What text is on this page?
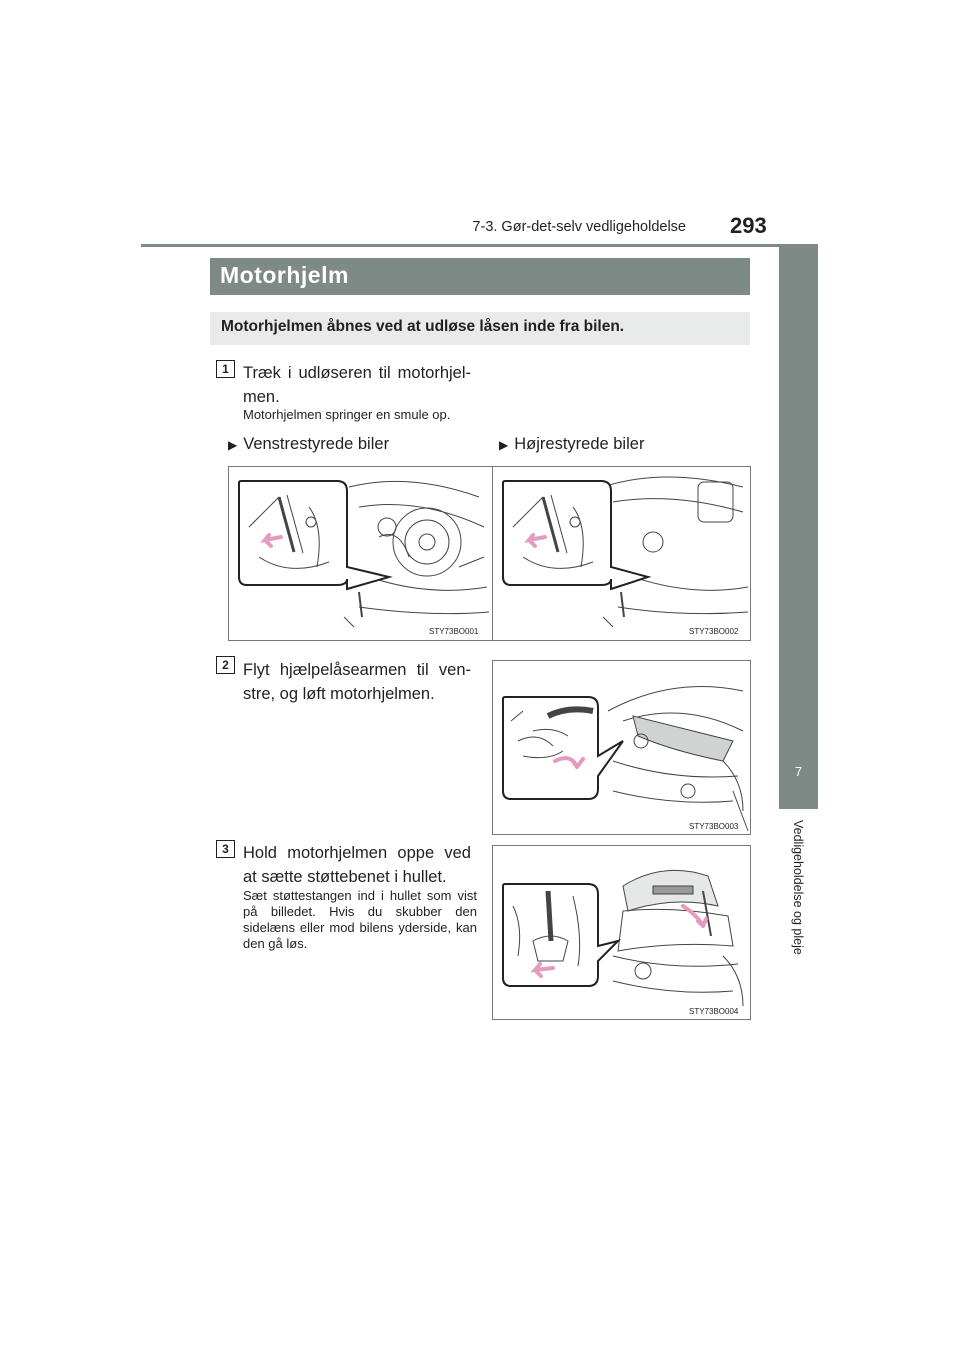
7-3. Gør-det-selv vedligeholdelse 293
7
Vedligeholdelse og pleje
Motorhjelm
Motorhjelmen åbnes ved at udløse låsen inde fra bilen.
1 Træk i udløseren til motorhjel-men.
Motorhjelmen springer en smule op.
▶ Venstrestyrede biler	▶ Højrestyrede biler
STY73BO001	STY73BO002
2 Flyt hjælpelåsearmen til ven-stre, og løft motorhjelmen.
STY73BO003
3 Hold motorhjelmen oppe ved at sætte støttebenet i hullet.
Sæt støttestangen ind i hullet som vist på billedet. Hvis du skubber den sidelæns eller mod bilens yderside, kan den gå løs.
STY73BO004
